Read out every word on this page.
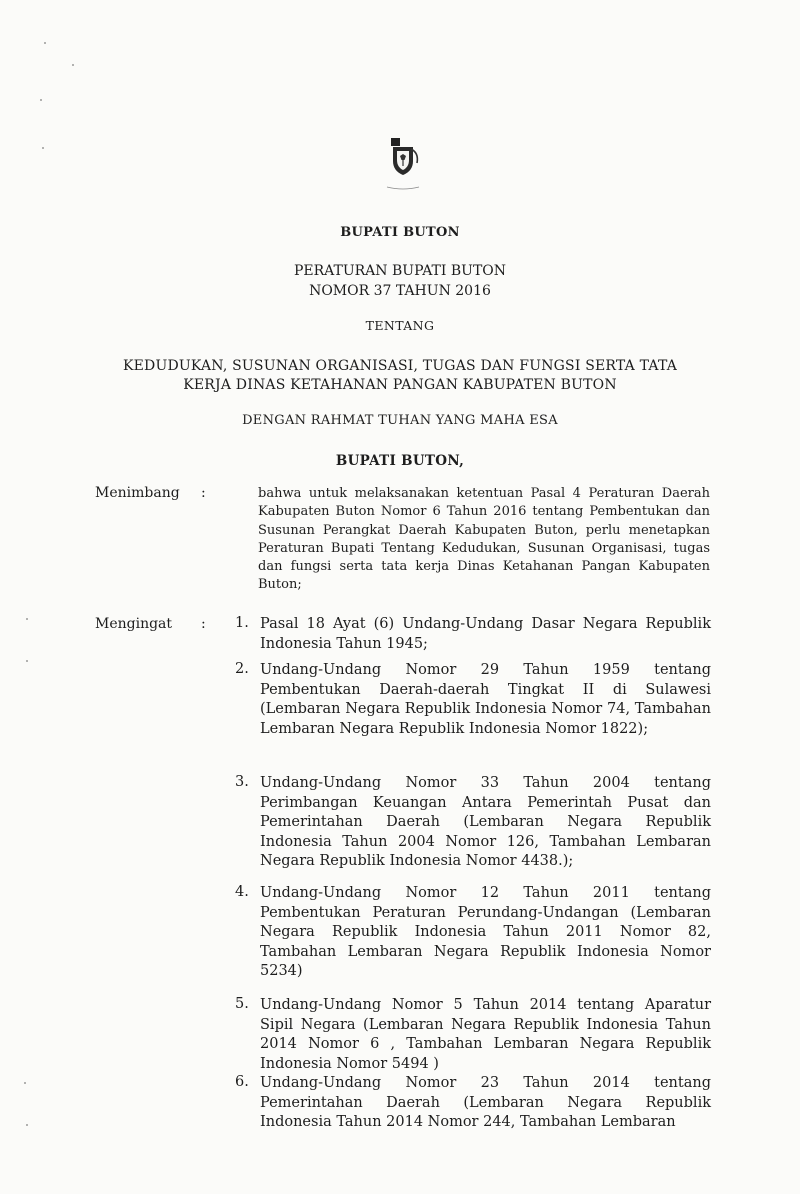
BUPATI BUTON
PERATURAN BUPATI BUTON
NOMOR 37 TAHUN 2016
TENTANG
KEDUDUKAN, SUSUNAN ORGANISASI, TUGAS DAN FUNGSI SERTA TATA
KERJA DINAS KETAHANAN PANGAN KABUPATEN BUTON
DENGAN RAHMAT TUHAN YANG MAHA ESA
BUPATI BUTON,
Menimbang :	bahwa untuk melaksanakan ketentuan Pasal 4 Peraturan Daerah Kabupaten Buton Nomor 6 Tahun 2016 tentang Pembentukan dan Susunan Perangkat Daerah Kabupaten Buton, perlu menetapkan Peraturan Bupati Tentang Kedudukan, Susunan Organisasi, tugas dan fungsi serta tata kerja Dinas Ketahanan Pangan Kabupaten Buton;
Mengingat : 1. Pasal 18 Ayat (6) Undang-Undang Dasar Negara Republik Indonesia Tahun 1945;
2. Undang-Undang Nomor 29 Tahun 1959 tentang Pembentukan Daerah-daerah Tingkat II di Sulawesi (Lembaran Negara Republik Indonesia Nomor 74, Tambahan Lembaran Negara Republik Indonesia Nomor 1822);
3. Undang-Undang Nomor 33 Tahun 2004 tentang Perimbangan Keuangan Antara Pemerintah Pusat dan Pemerintahan Daerah (Lembaran Negara Republik Indonesia Tahun 2004 Nomor 126, Tambahan Lembaran Negara Republik Indonesia Nomor 4438.);
4. Undang-Undang Nomor 12 Tahun 2011 tentang Pembentukan Peraturan Perundang-Undangan (Lembaran Negara Republik Indonesia Tahun 2011 Nomor 82, Tambahan Lembaran Negara Republik Indonesia Nomor 5234)
5. Undang-Undang Nomor 5 Tahun 2014 tentang Aparatur Sipil Negara (Lembaran Negara Republik Indonesia Tahun 2014 Nomor 6 , Tambahan Lembaran Negara Republik Indonesia Nomor 5494 )
6. Undang-Undang Nomor 23 Tahun 2014 tentang Pemerintahan Daerah (Lembaran Negara Republik Indonesia Tahun 2014 Nomor 244, Tambahan Lembaran
